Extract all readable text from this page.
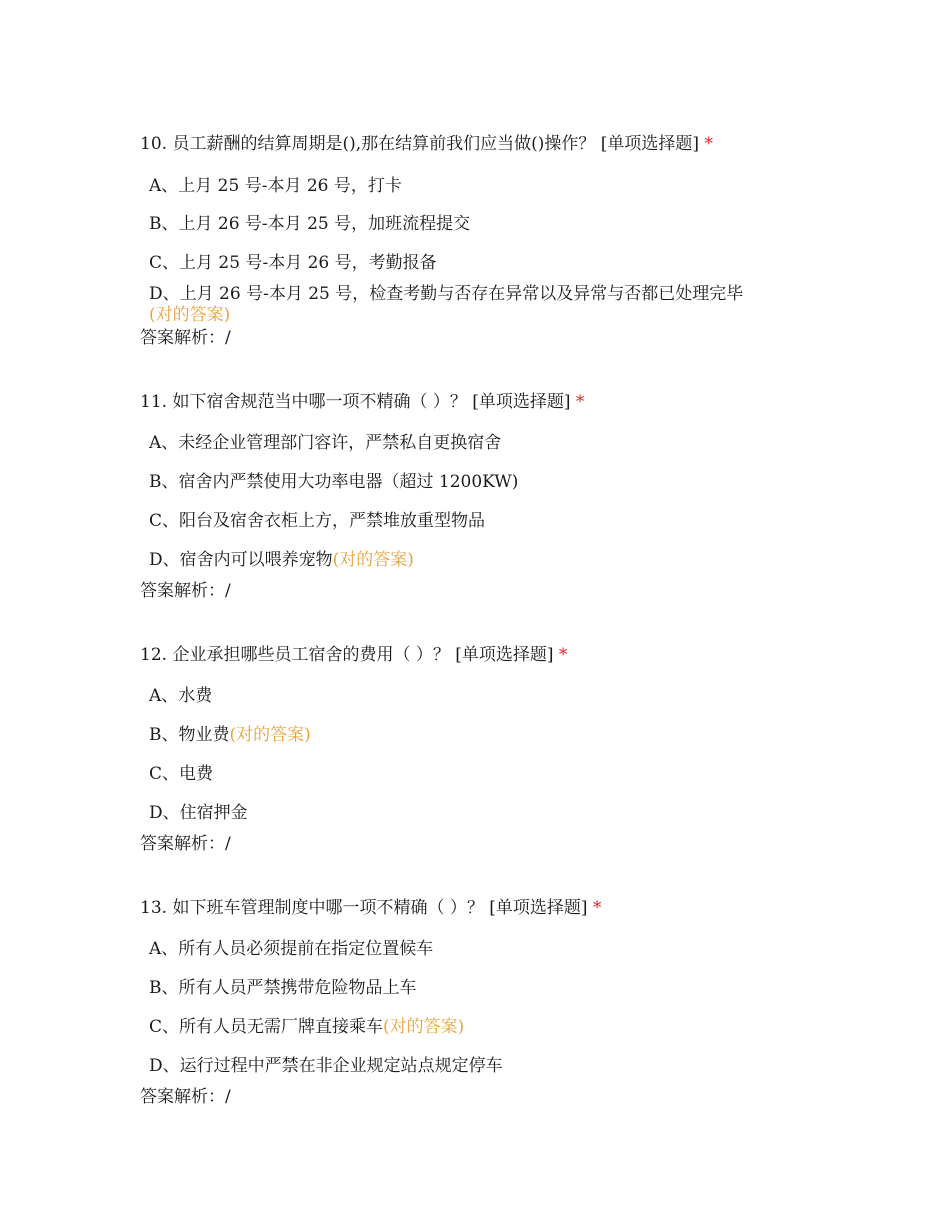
10. 员工薪酬的结算周期是(),那在结算前我们应当做()操作？ [单项选择题] *
A、上月 25 号-本月 26 号，打卡
B、上月 26 号-本月 25 号，加班流程提交
C、上月 25 号-本月 26 号，考勤报备
D、上月 26 号-本月 25 号，检查考勤与否存在异常以及异常与否都已处理完毕
(对的答案)
答案解析：/
11. 如下宿舍规范当中哪一项不精确（ ）？ [单项选择题] *
A、未经企业管理部门容许，严禁私自更换宿舍
B、宿舍内严禁使用大功率电器（超过 1200KW)
C、阳台及宿舍衣柜上方，严禁堆放重型物品
D、宿舍内可以喂养宠物(对的答案)
答案解析：/
12. 企业承担哪些员工宿舍的费用（ ）？ [单项选择题] *
A、水费
B、物业费(对的答案)
C、电费
D、住宿押金
答案解析：/
13. 如下班车管理制度中哪一项不精确（ ）？ [单项选择题] *
A、所有人员必须提前在指定位置候车
B、所有人员严禁携带危险物品上车
C、所有人员无需厂牌直接乘车(对的答案)
D、运行过程中严禁在非企业规定站点规定停车
答案解析：/
